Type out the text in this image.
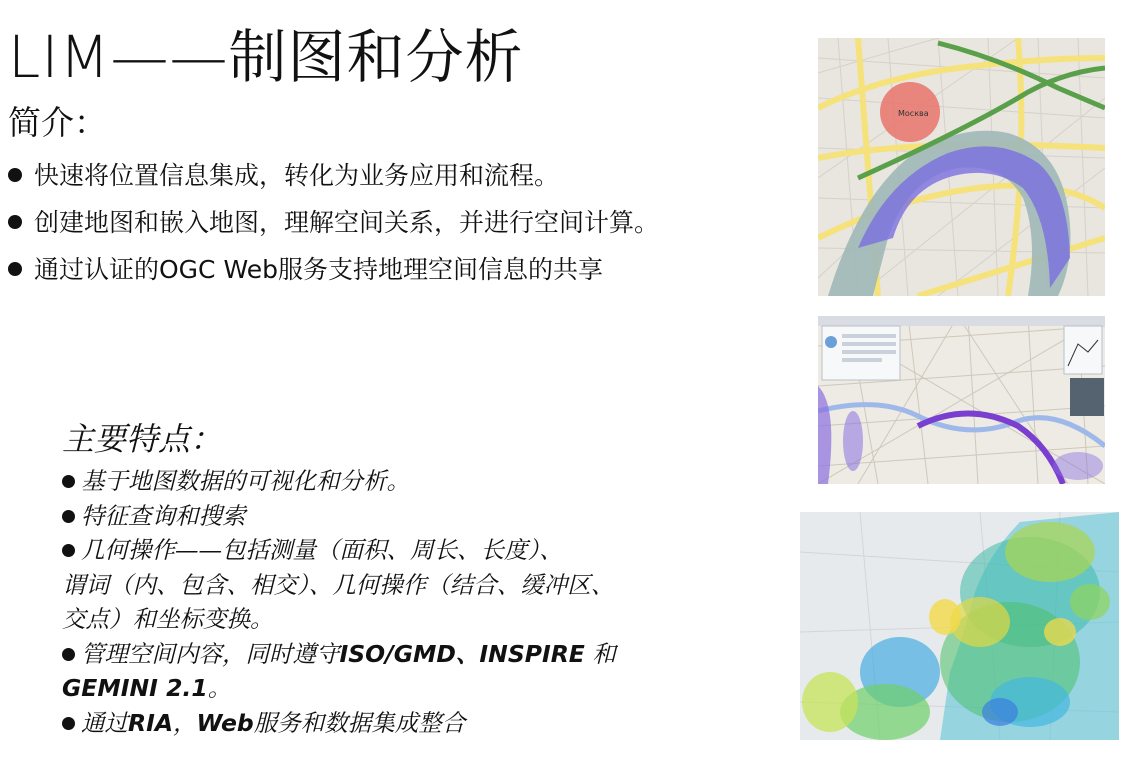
LIM——制图和分析
简介：
快速将位置信息集成，转化为业务应用和流程。
创建地图和嵌入地图，理解空间关系，并进行空间计算。
通过认证的OGC Web服务支持地理空间信息的共享
主要特点：
基于地图数据的可视化和分析。
特征查询和搜索
几何操作——包括测量（面积、周长、长度）、
谓词（内、包含、相交）、几何操作（结合、缓冲区、
交点）和坐标变换。
管理空间内容，同时遵守ISO/GMD、INSPIRE 和
GEMINI 2.1。
通过RIA，Web服务和数据集成整合
Москва
